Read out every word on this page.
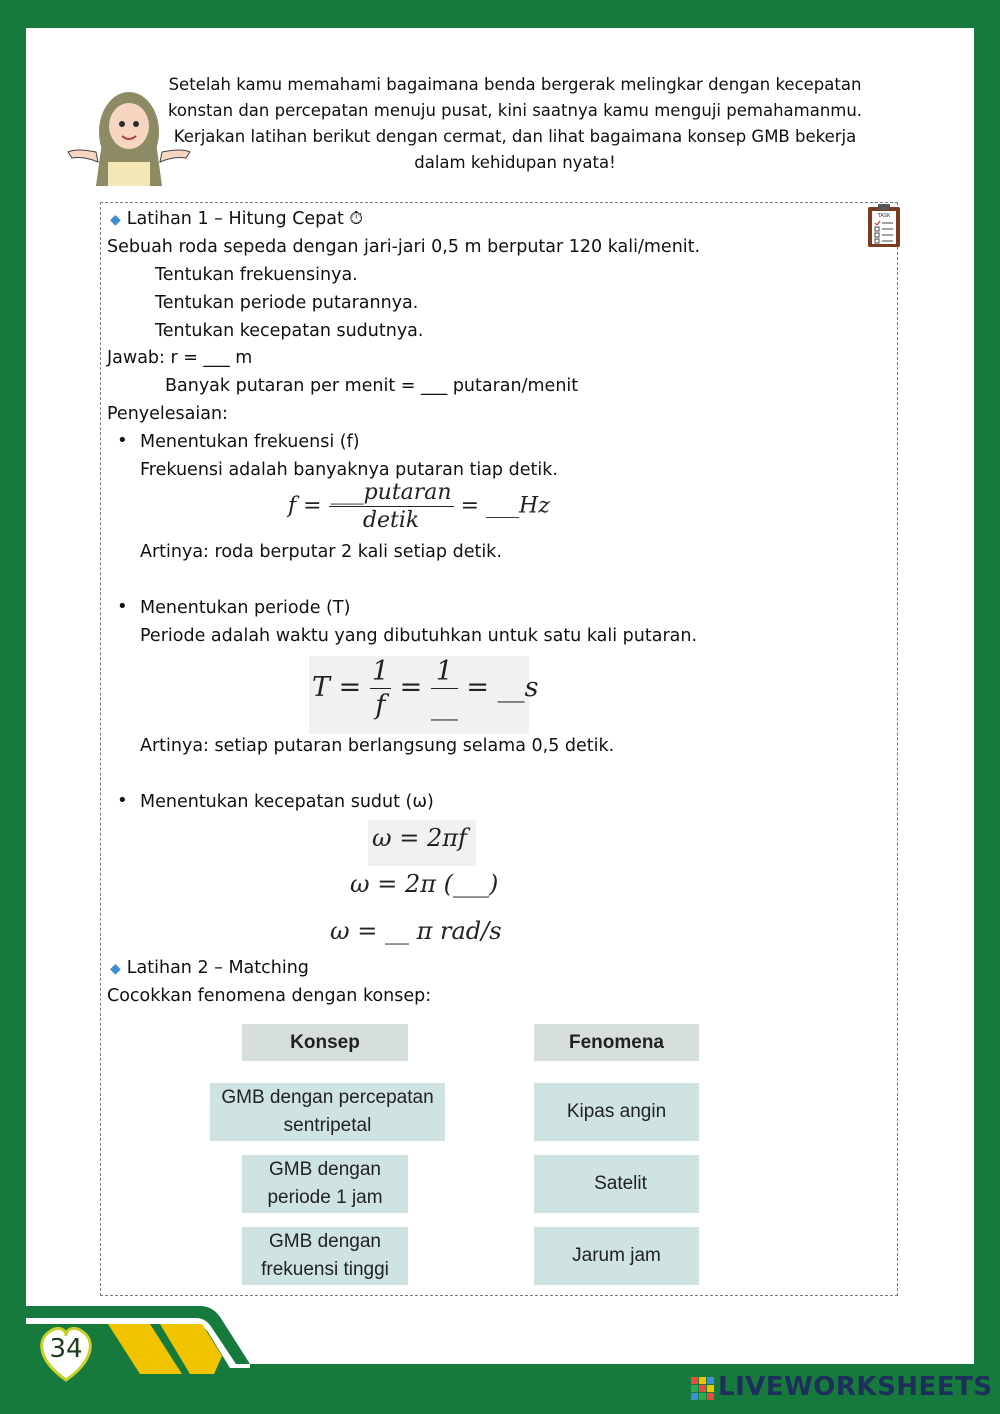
Setelah kamu memahami bagaimana benda bergerak melingkar dengan kecepatan
konstan dan percepatan menuju pusat, kini saatnya kamu menguji pemahamanmu.
Kerjakan latihan berikut dengan cermat, dan lihat bagaimana konsep GMB bekerja
dalam kehidupan nyata!
TASK
◆ Latihan 1 – Hitung Cepat ⏱
Sebuah roda sepeda dengan jari-jari 0,5 m berputar 120 kali/menit.
Tentukan frekuensinya.
Tentukan periode putarannya.
Tentukan kecepatan sudutnya.
Jawab: r = ___ m
Banyak putaran per menit = ___ putaran/menit
Penyelesaian:
• Menentukan frekuensi (f)
Frekuensi adalah banyaknya putaran tiap detik.
$f = \frac{\text{\_\_\_putaran}}{\text{detik}}$ = ___Hz
Artinya: roda berputar 2 kali setiap detik.
• Menentukan periode (T)
Periode adalah waktu yang dibutuhkan untuk satu kali putaran.
$T = \frac{1}{f} = \frac{1}{\_\_}$ = __s
Artinya: setiap putaran berlangsung selama 0,5 detik.
• Menentukan kecepatan sudut (ω)
ω = 2πf
ω = 2π (___)
ω = __ π rad/s
◆ Latihan 2 – Matching
Cocokkan fenomena dengan konsep:
Konsep	Fenomena
GMB dengan percepatan sentripetal
GMB dengan periode 1 jam
GMB dengan frekuensi tinggi
Kipas angin
Satelit
Jarum jam
34
LIVEWORKSHEETS
